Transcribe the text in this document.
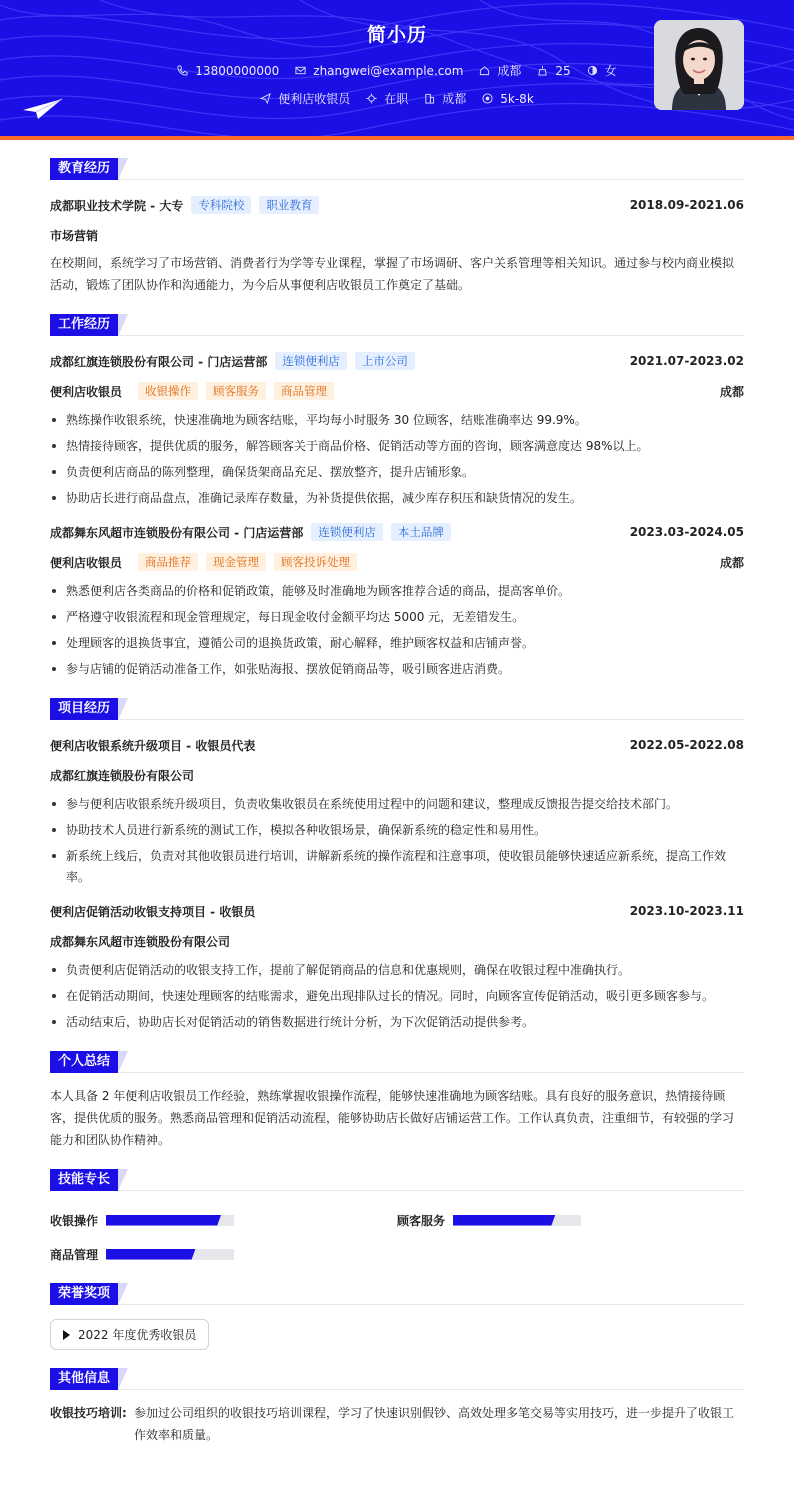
简小历
13800000000	zhangwei@example.com	成都	25	女
便利店收银员	在职	成都	5k-8k
教育经历
成都职业技术学院 - 大专	专科院校	职业教育	2018.09-2021.06
市场营销

在校期间，系统学习了市场营销、消费者行为学等专业课程，掌握了市场调研、客户关系管理等相关知识。通过参与校内商业模拟活动，锻炼了团队协作和沟通能力，为今后从事便利店收银员工作奠定了基础。

工作经历
成都红旗连锁股份有限公司 - 门店运营部	连锁便利店	上市公司	2021.07-2023.02
便利店收银员	收银操作	顾客服务	商品管理	成都
熟练操作收银系统，快速准确地为顾客结账，平均每小时服务 30 位顾客，结账准确率达 99.9%。
热情接待顾客，提供优质的服务，解答顾客关于商品价格、促销活动等方面的咨询，顾客满意度达 98%以上。
负责便利店商品的陈列整理，确保货架商品充足、摆放整齐，提升店铺形象。
协助店长进行商品盘点，准确记录库存数量，为补货提供依据，减少库存积压和缺货情况的发生。
成都舞东风超市连锁股份有限公司 - 门店运营部	连锁便利店	本土品牌	2023.03-2024.05
便利店收银员	商品推荐	现金管理	顾客投诉处理	成都
熟悉便利店各类商品的价格和促销政策，能够及时准确地为顾客推荐合适的商品，提高客单价。
严格遵守收银流程和现金管理规定，每日现金收付金额平均达 5000 元，无差错发生。
处理顾客的退换货事宜，遵循公司的退换货政策，耐心解释，维护顾客权益和店铺声誉。
参与店铺的促销活动准备工作，如张贴海报、摆放促销商品等，吸引顾客进店消费。
项目经历
便利店收银系统升级项目 - 收银员代表	2022.05-2022.08
成都红旗连锁股份有限公司
参与便利店收银系统升级项目，负责收集收银员在系统使用过程中的问题和建议，整理成反馈报告提交给技术部门。
协助技术人员进行新系统的测试工作，模拟各种收银场景，确保新系统的稳定性和易用性。
新系统上线后，负责对其他收银员进行培训，讲解新系统的操作流程和注意事项，使收银员能够快速适应新系统，提高工作效率。
便利店促销活动收银支持项目 - 收银员	2023.10-2023.11
成都舞东风超市连锁股份有限公司
负责便利店促销活动的收银支持工作，提前了解促销商品的信息和优惠规则，确保在收银过程中准确执行。
在促销活动期间，快速处理顾客的结账需求，避免出现排队过长的情况。同时，向顾客宣传促销活动，吸引更多顾客参与。
活动结束后，协助店长对促销活动的销售数据进行统计分析，为下次促销活动提供参考。
个人总结

本人具备 2 年便利店收银员工作经验，熟练掌握收银操作流程，能够快速准确地为顾客结账。具有良好的服务意识，热情接待顾客，提供优质的服务。熟悉商品管理和促销活动流程，能够协助店长做好店铺运营工作。工作认真负责，注重细节，有较强的学习能力和团队协作精神。

技能专长
收银操作	顾客服务
商品管理
荣誉奖项
2022 年度优秀收银员
其他信息
收银技巧培训: 参加过公司组织的收银技巧培训课程，学习了快速识别假钞、高效处理多笔交易等实用技巧，进一步提升了收银工作效率和质量。
